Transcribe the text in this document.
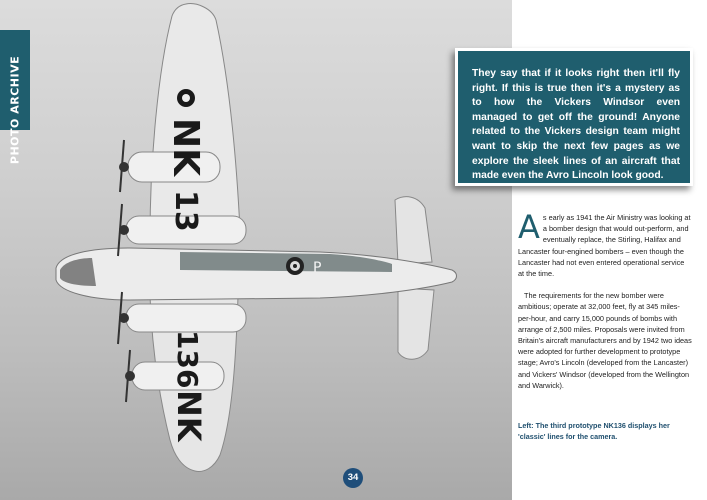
NK
13
136
NK
P
PHOTO ARCHIVE	They say that if it looks right then it'll fly right. If this is true then it's a mystery as to how the Vickers Windsor even managed to get off the ground! Anyone related to the Vickers design team might want to skip the next few pages as we explore the sleek lines of an aircraft that made even the Avro Lincoln look good.
As early as 1941 the Air Ministry was looking at a bomber design that would out-perform, and eventually replace, the Stirling, Halifax and Lancaster four-engined bombers – even though the Lancaster had not even entered operational service at the time.
The requirements for the new bomber were ambitious; operate at 32,000 feet, fly at 345 miles-per-hour, and carry 15,000 pounds of bombs with arrange of 2,500 miles. Proposals were invited from Britain's aircraft manufacturers and by 1942 two ideas were adopted for further development to prototype stage; Avro's Lincoln (developed from the Lancaster) and Vickers' Windsor (developed from the Wellington and Warwick).
Left: The third prototype NK136 displays her 'classic' lines for the camera.
34
